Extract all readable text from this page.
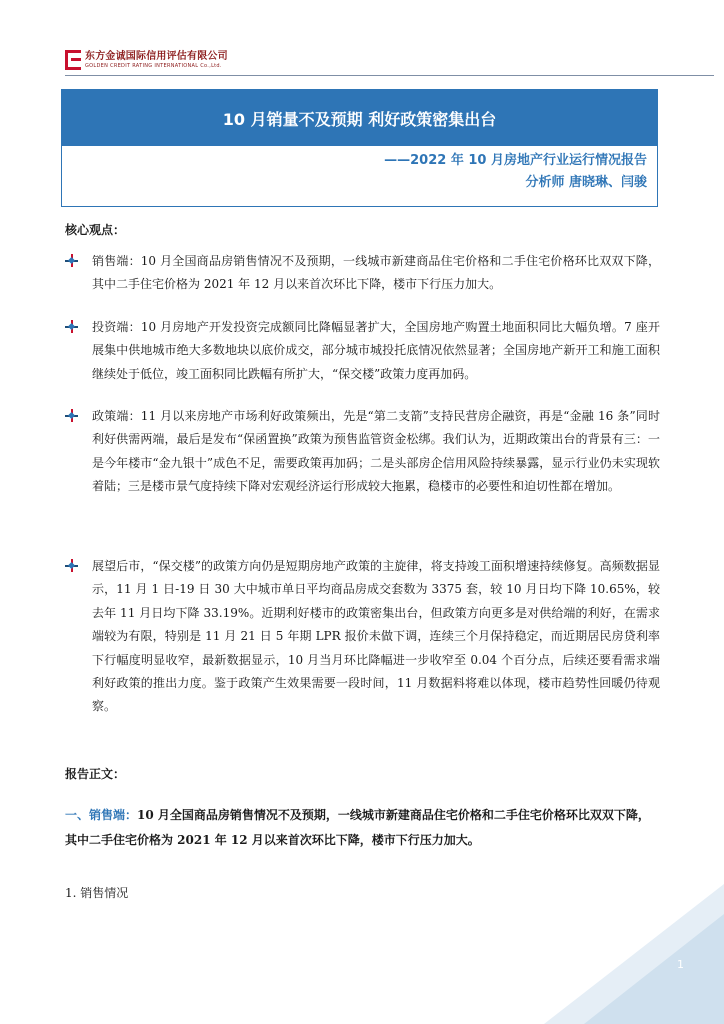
东方金诚国际信用评估有限公司
GOLDEN CREDIT RATING INTERNATIONAL Co.,Ltd.
10 月销量不及预期 利好政策密集出台
——2022 年 10 月房地产行业运行情况报告
分析师 唐晓琳、闫骏
核心观点：
销售端：10 月全国商品房销售情况不及预期，一线城市新建商品住宅价格和二手住宅价格环比双双下降，其中二手住宅价格为 2021 年 12 月以来首次环比下降，楼市下行压力加大。
投资端：10 月房地产开发投资完成额同比降幅显著扩大，全国房地产购置土地面积同比大幅负增。7 座开展集中供地城市绝大多数地块以底价成交，部分城市城投托底情况依然显著；全国房地产新开工和施工面积继续处于低位，竣工面积同比跌幅有所扩大，“保交楼”政策力度再加码。
政策端：11 月以来房地产市场利好政策频出，先是“第二支箭”支持民营房企融资，再是“金融 16 条”同时利好供需两端，最后是发布“保函置换”政策为预售监管资金松绑。我们认为，近期政策出台的背景有三：一是今年楼市“金九银十”成色不足，需要政策再加码；二是头部房企信用风险持续暴露，显示行业仍未实现软着陆；三是楼市景气度持续下降对宏观经济运行形成较大拖累，稳楼市的必要性和迫切性都在增加。
展望后市，“保交楼”的政策方向仍是短期房地产政策的主旋律，将支持竣工面积增速持续修复。高频数据显示，11 月 1 日-19 日 30 大中城市单日平均商品房成交套数为 3375 套，较 10 月日均下降 10.65%，较去年 11 月日均下降 33.19%。近期利好楼市的政策密集出台，但政策方向更多是对供给端的利好，在需求端较为有限，特别是 11 月 21 日 5 年期 LPR 报价未做下调，连续三个月保持稳定，而近期居民房贷利率下行幅度明显收窄，最新数据显示，10 月当月环比降幅进一步收窄至 0.04 个百分点，后续还要看需求端利好政策的推出力度。鉴于政策产生效果需要一段时间，11 月数据料将难以体现，楼市趋势性回暖仍待观察。
报告正文：
一、销售端：10 月全国商品房销售情况不及预期，一线城市新建商品住宅价格和二手住宅价格环比双双下降，其中二手住宅价格为 2021 年 12 月以来首次环比下降，楼市下行压力加大。
1. 销售情况
1
